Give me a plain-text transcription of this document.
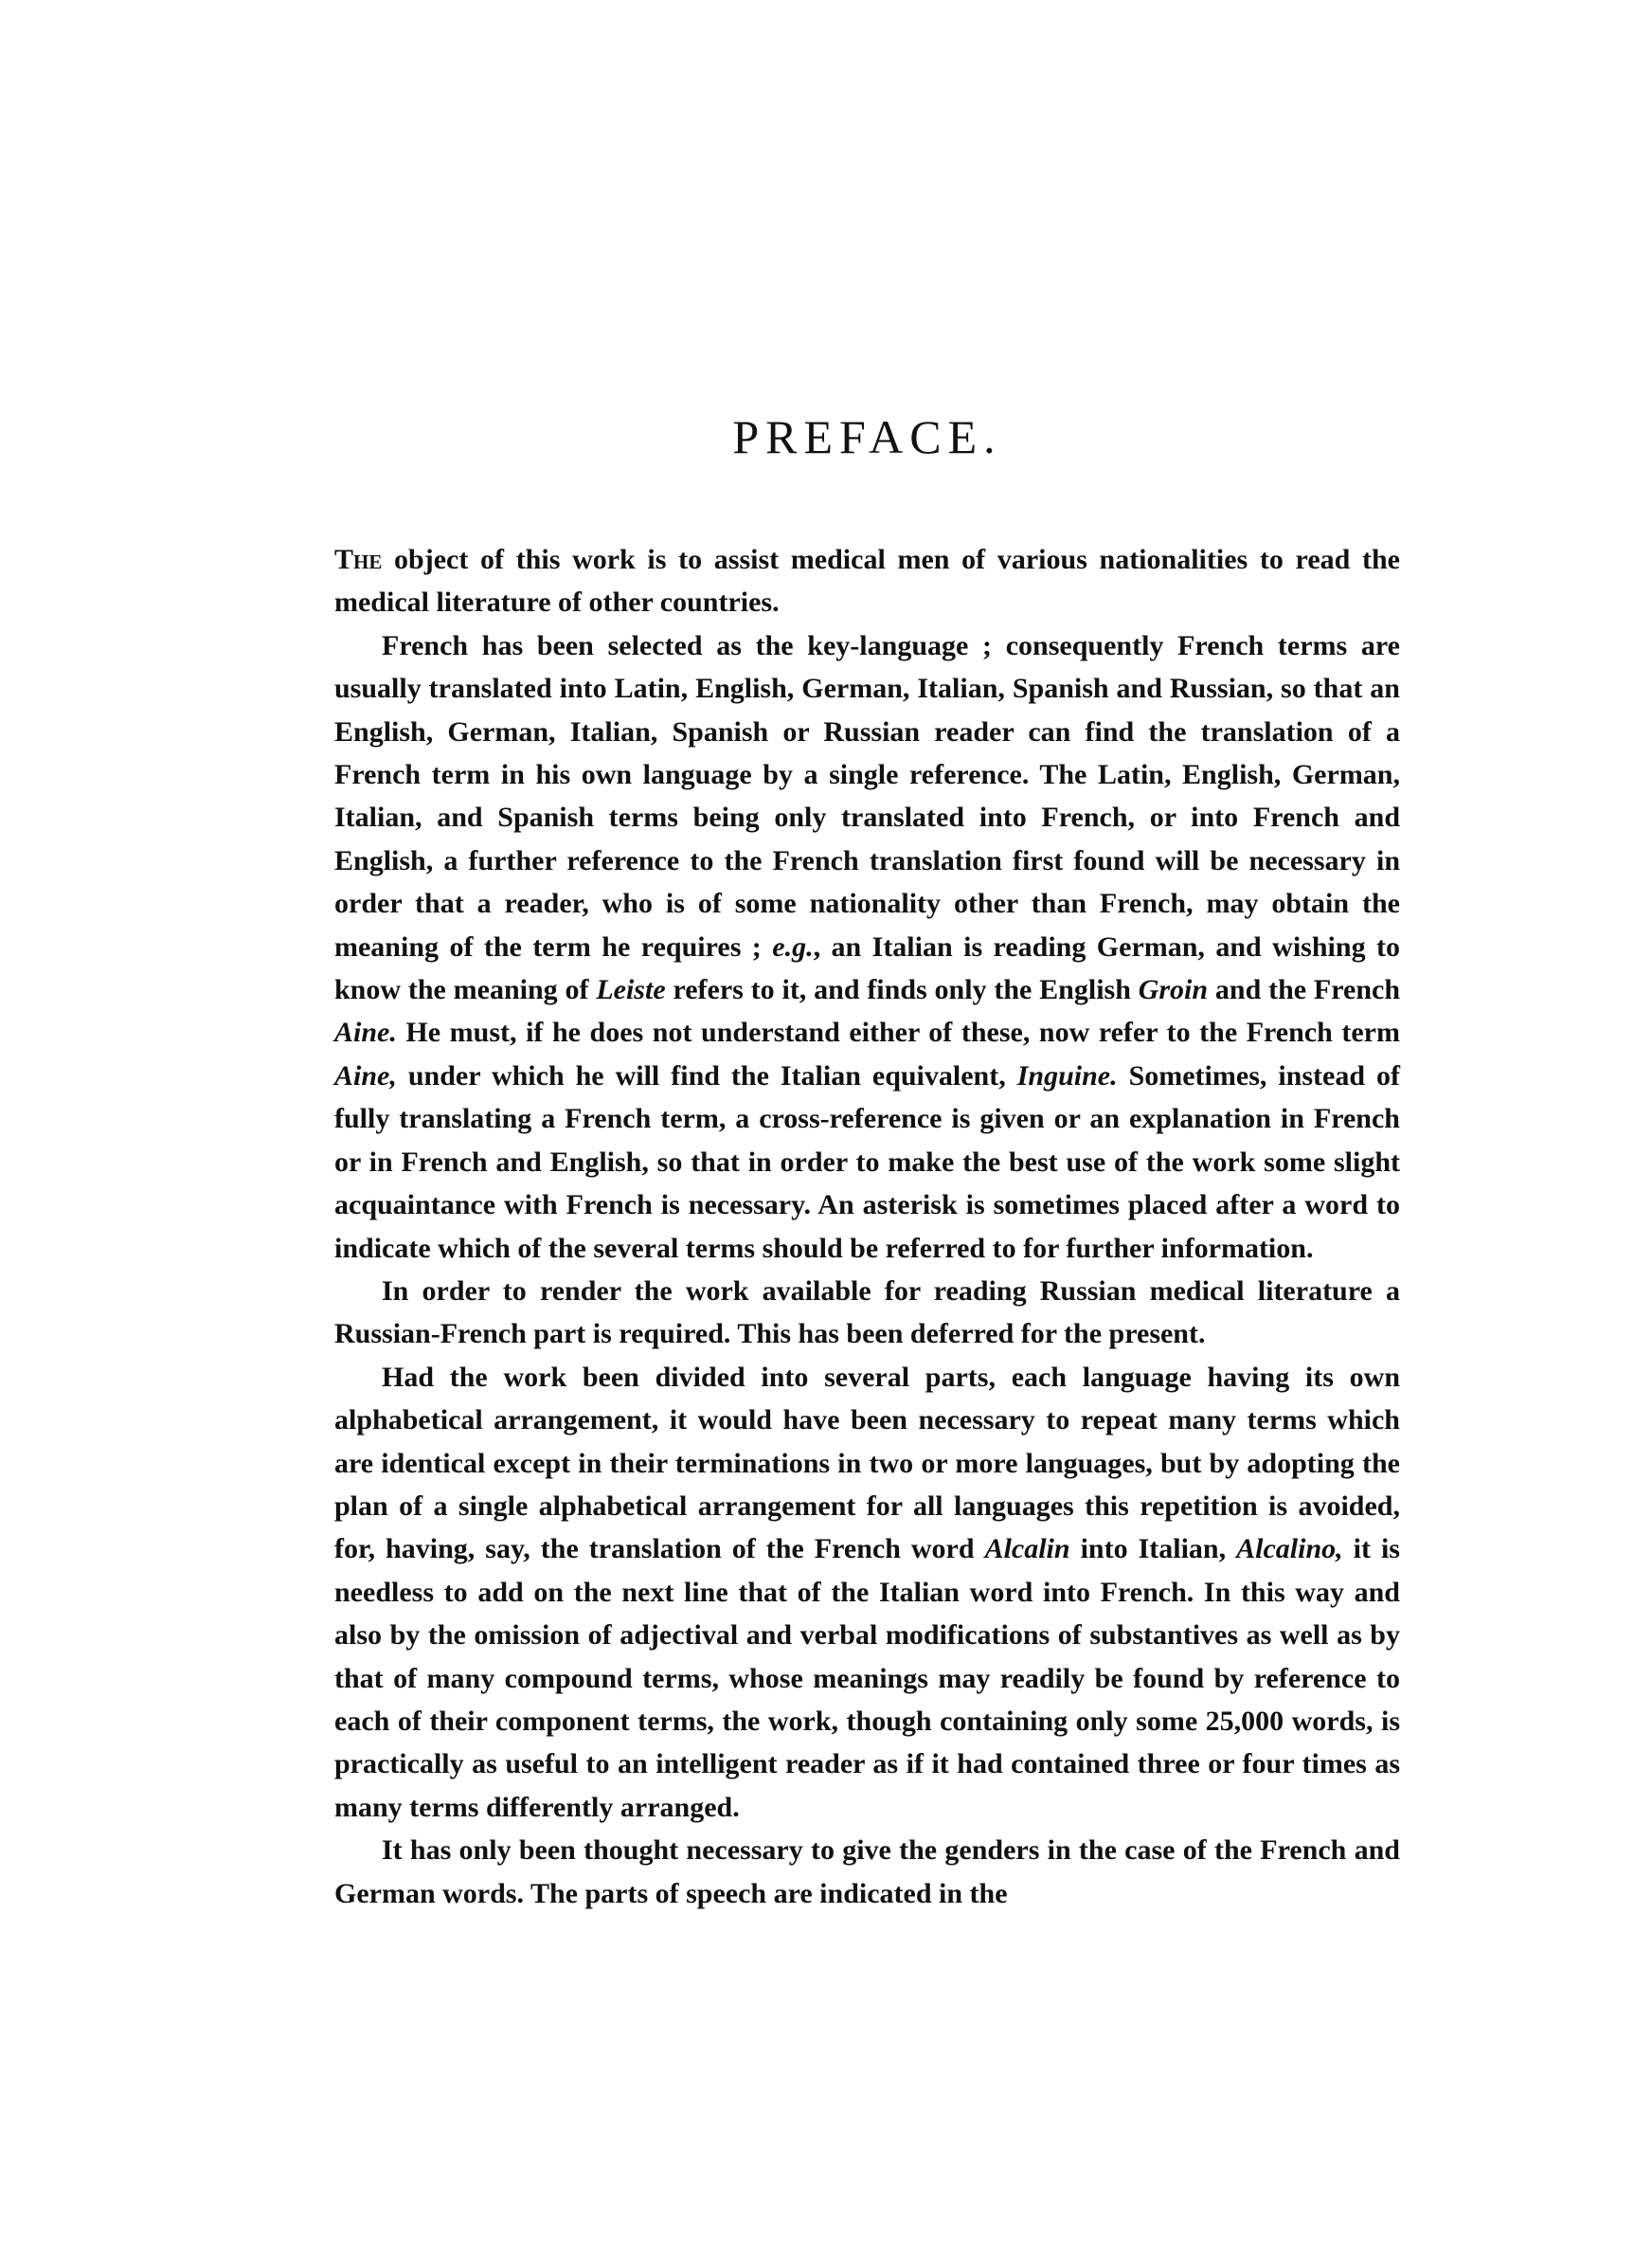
PREFACE.

The object of this work is to assist medical men of various nationalities to read the medical literature of other countries.

French has been selected as the key-language ; consequently French terms are usually translated into Latin, English, German, Italian, Spanish and Russian, so that an English, German, Italian, Spanish or Russian reader can find the translation of a French term in his own language by a single reference. The Latin, English, German, Italian, and Spanish terms being only translated into French, or into French and English, a further reference to the French translation first found will be necessary in order that a reader, who is of some nationality other than French, may obtain the meaning of the term he requires ; e.g., an Italian is reading German, and wishing to know the meaning of Leiste refers to it, and finds only the English Groin and the French Aine. He must, if he does not understand either of these, now refer to the French term Aine, under which he will find the Italian equivalent, Inguine. Sometimes, instead of fully translating a French term, a cross-reference is given or an explanation in French or in French and English, so that in order to make the best use of the work some slight acquaintance with French is necessary. An asterisk is sometimes placed after a word to indicate which of the several terms should be referred to for further information.

In order to render the work available for reading Russian medical literature a Russian-French part is required. This has been deferred for the present.

Had the work been divided into several parts, each language having its own alphabetical arrangement, it would have been necessary to repeat many terms which are identical except in their terminations in two or more languages, but by adopting the plan of a single alphabetical arrangement for all languages this repetition is avoided, for, having, say, the translation of the French word Alcalin into Italian, Alcalino, it is needless to add on the next line that of the Italian word into French. In this way and also by the omission of adjectival and verbal modifications of substantives as well as by that of many compound terms, whose meanings may readily be found by reference to each of their component terms, the work, though containing only some 25,000 words, is practically as useful to an intelligent reader as if it had contained three or four times as many terms differently arranged.

It has only been thought necessary to give the genders in the case of the French and German words. The parts of speech are indicated in the
